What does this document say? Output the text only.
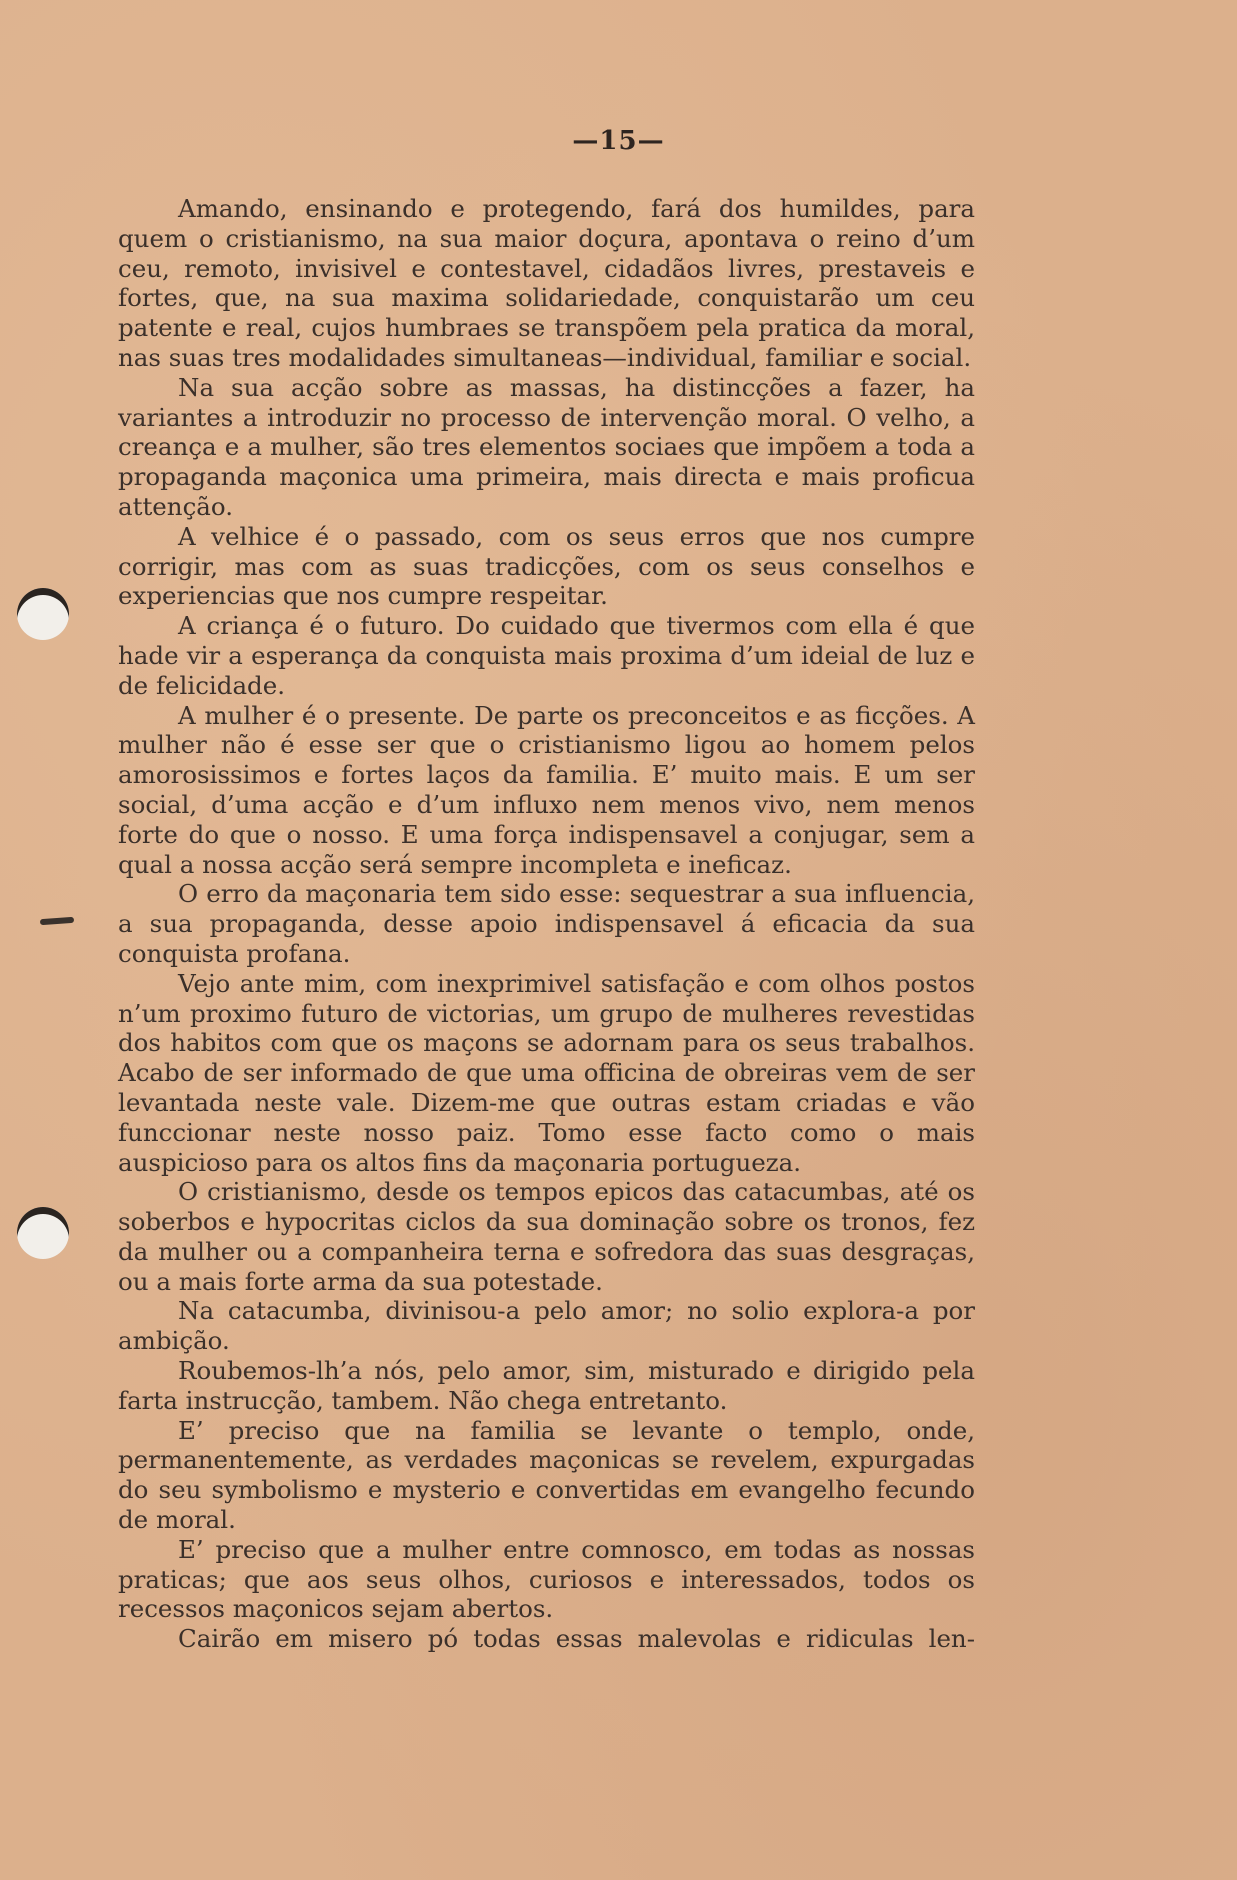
—15—

Amando, ensinando e protegendo, fará dos humildes, para quem o cristianismo, na sua maior doçura, apontava o reino d’um ceu, remoto, invisivel e contestavel, cidadãos livres, prestaveis e fortes, que, na sua maxima solidariedade, conquistarão um ceu patente e real, cujos humbraes se transpõem pela pratica da moral, nas suas tres modalidades simultaneas—individual, familiar e social.

Na sua acção sobre as massas, ha distincções a fazer, ha variantes a introduzir no processo de intervenção moral. O velho, a creança e a mulher, são tres elementos sociaes que impõem a toda a propaganda maçonica uma primeira, mais directa e mais proficua attenção.

A velhice é o passado, com os seus erros que nos cumpre corrigir, mas com as suas tradicções, com os seus conselhos e experiencias que nos cumpre respeitar.

A criança é o futuro. Do cuidado que tivermos com ella é que hade vir a esperança da conquista mais proxima d’um ideial de luz e de felicidade.

A mulher é o presente. De parte os preconceitos e as ficções. A mulher não é esse ser que o cristianismo ligou ao homem pelos amorosissimos e fortes laços da familia. E’ muito mais. E um ser social, d’uma acção e d’um influxo nem menos vivo, nem menos forte do que o nosso. E uma força indispensavel a conjugar, sem a qual a nossa acção será sempre incompleta e ineficaz.

O erro da maçonaria tem sido esse: sequestrar a sua influencia, a sua propaganda, desse apoio indispensavel á eficacia da sua conquista profana.

Vejo ante mim, com inexprimivel satisfação e com olhos postos n’um proximo futuro de victorias, um grupo de mulheres revestidas dos habitos com que os maçons se adornam para os seus trabalhos. Acabo de ser informado de que uma officina de obreiras vem de ser levantada neste vale. Dizem-me que outras estam criadas e vão funccionar neste nosso paiz. Tomo esse facto como o mais auspicioso para os altos fins da maçonaria portugueza.

O cristianismo, desde os tempos epicos das catacumbas, até os soberbos e hypocritas ciclos da sua dominação sobre os tronos, fez da mulher ou a companheira terna e sofredora das suas desgraças, ou a mais forte arma da sua potestade.

Na catacumba, divinisou-a pelo amor; no solio explora-a por ambição.

Roubemos-lh’a nós, pelo amor, sim, misturado e dirigido pela farta instrucção, tambem. Não chega entretanto.

E’ preciso que na familia se levante o templo, onde, permanentemente, as verdades maçonicas se revelem, expurgadas do seu symbolismo e mysterio e convertidas em evangelho fecundo de moral.

E’ preciso que a mulher entre comnosco, em todas as nossas praticas; que aos seus olhos, curiosos e interessados, todos os recessos maçonicos sejam abertos.

Cairão em misero pó todas essas malevolas e ridiculas len-
